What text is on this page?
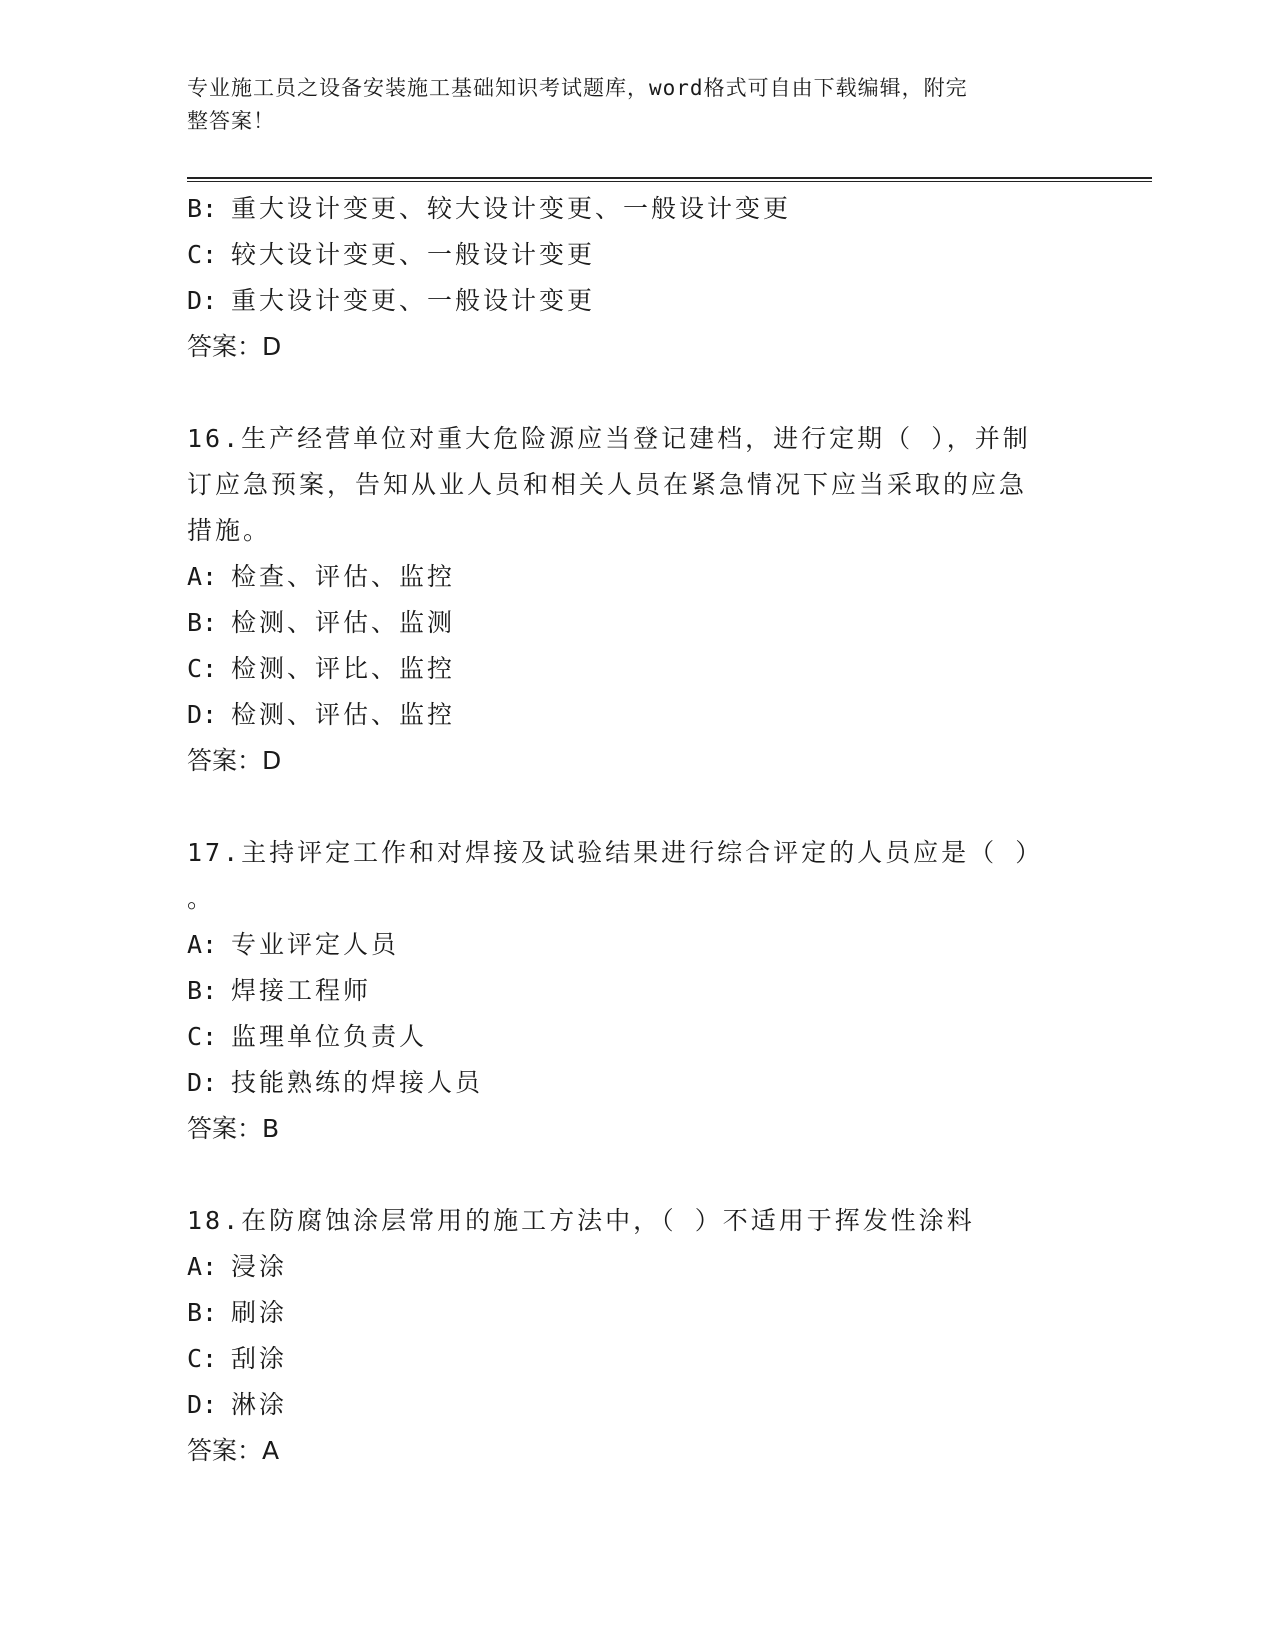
专业施工员之设备安装施工基础知识考试题库，word格式可自由下载编辑，附完
整答案！
B: 重大设计变更、较大设计变更、一般设计变更
C: 较大设计变更、一般设计变更
D: 重大设计变更、一般设计变更
答案：D
16.生产经营单位对重大危险源应当登记建档，进行定期（ ），并制
订应急预案，告知从业人员和相关人员在紧急情况下应当采取的应急
措施。
A: 检查、评估、监控
B: 检测、评估、监测
C: 检测、评比、监控
D: 检测、评估、监控
答案：D
17.主持评定工作和对焊接及试验结果进行综合评定的人员应是（ ）
。
A: 专业评定人员
B: 焊接工程师
C: 监理单位负责人
D: 技能熟练的焊接人员
答案：B
18.在防腐蚀涂层常用的施工方法中，（ ）不适用于挥发性涂料
A: 浸涂
B: 刷涂
C: 刮涂
D: 淋涂
答案：A
